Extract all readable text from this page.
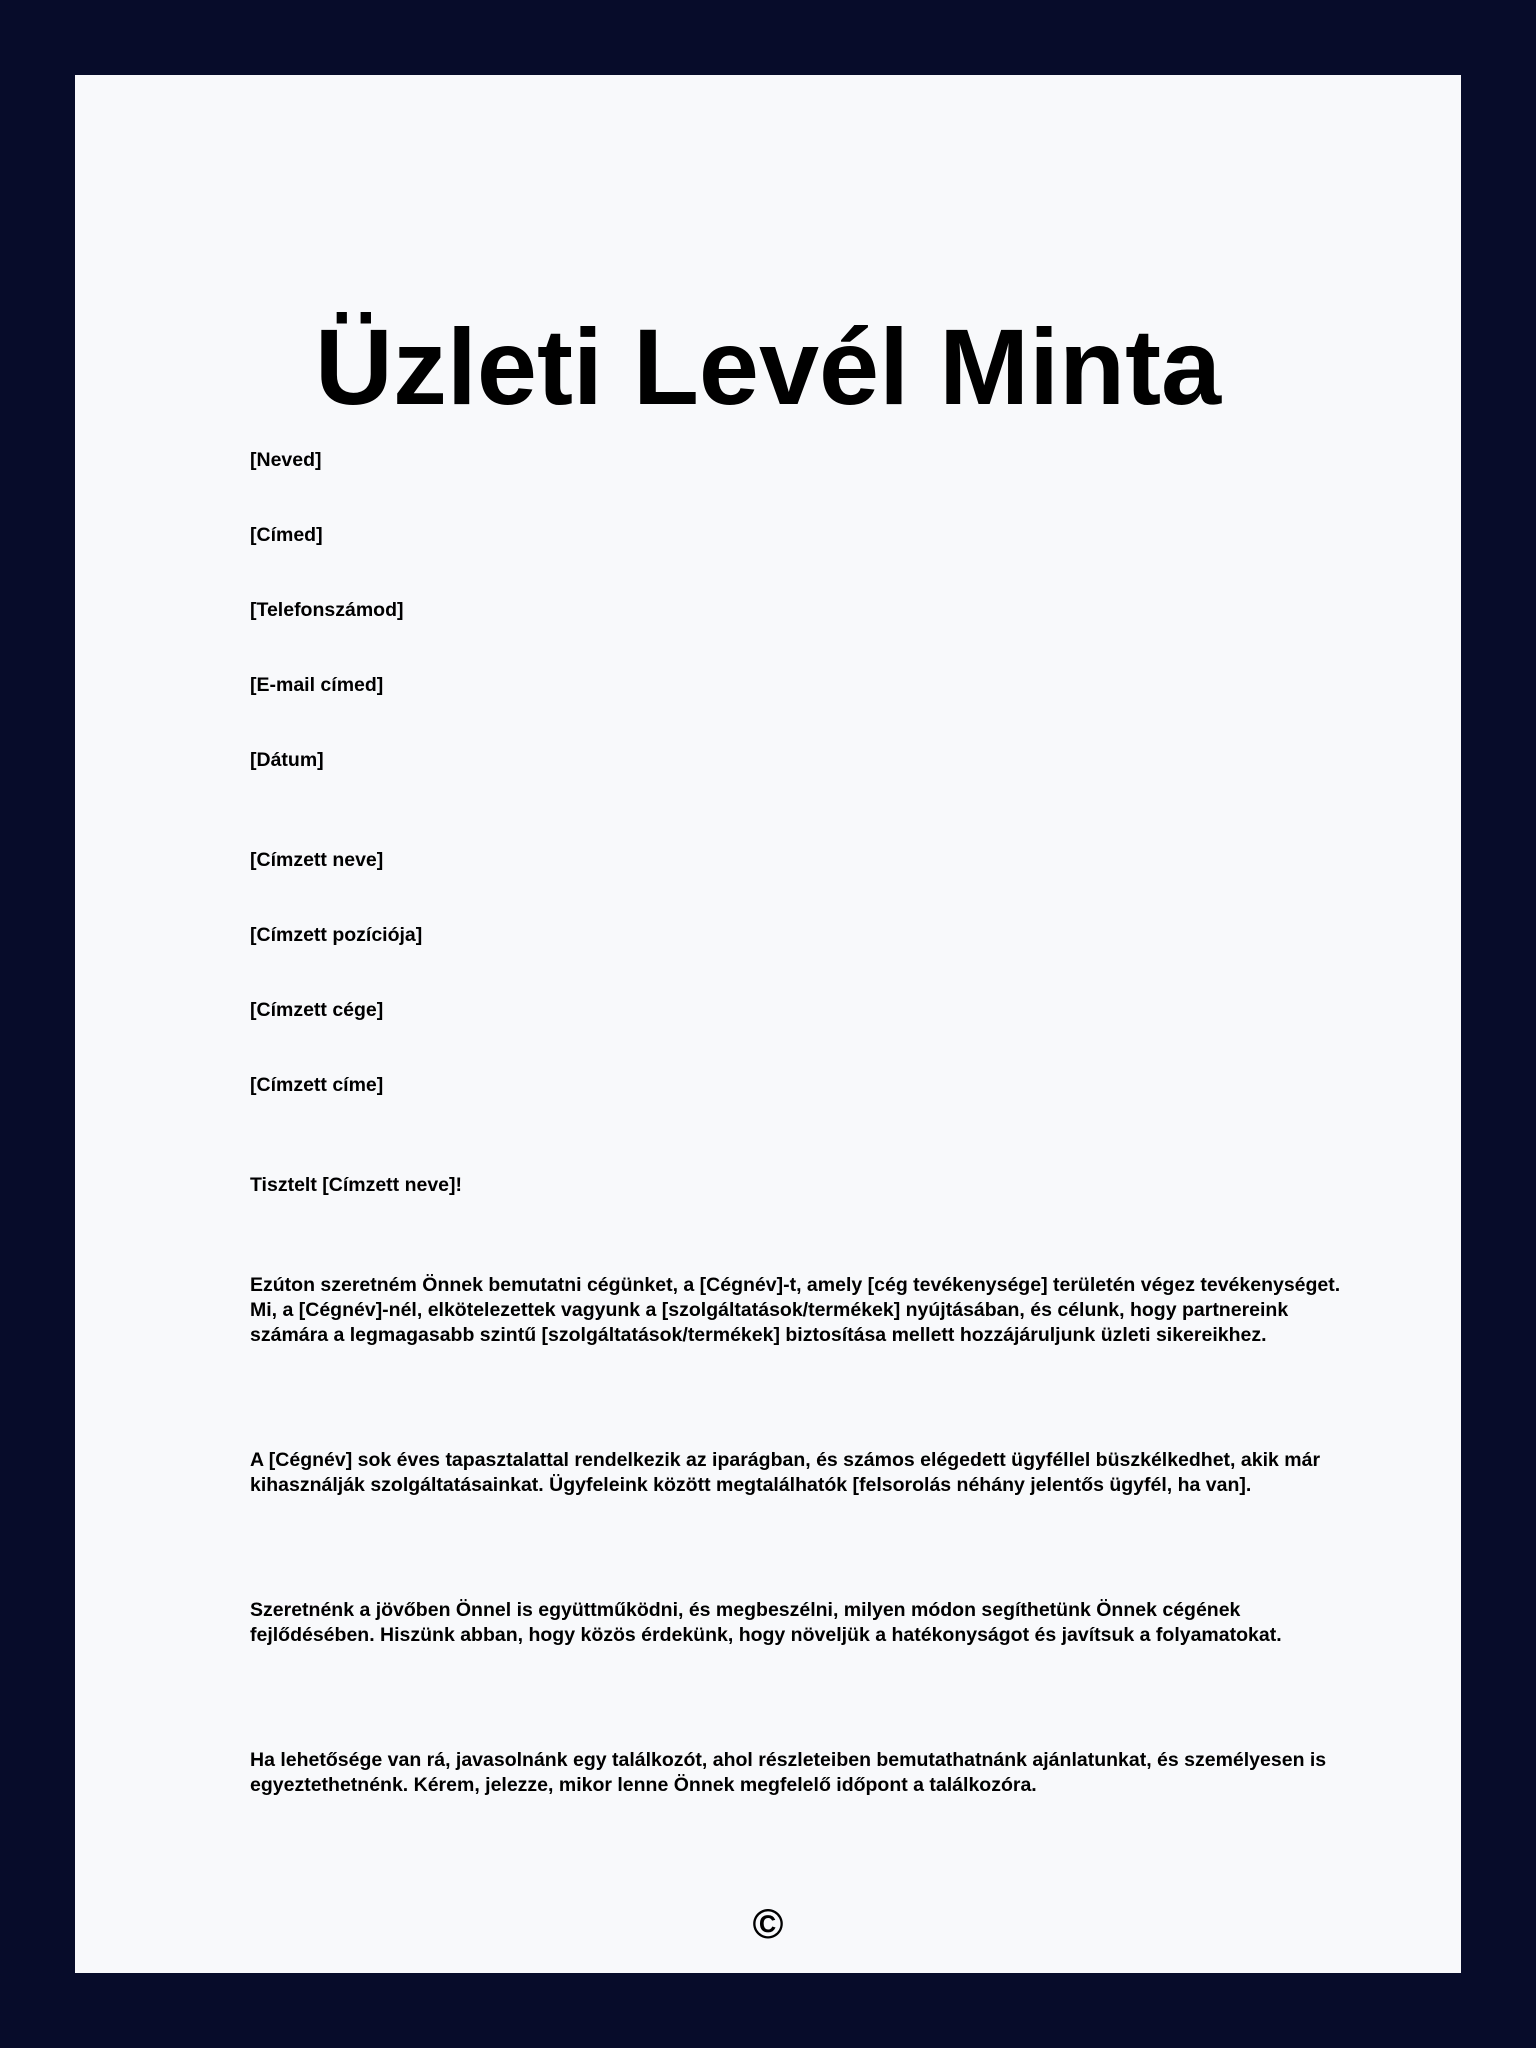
Üzleti Levél Minta
[Neved]
[Címed]
[Telefonszámod]
[E-mail címed]
[Dátum]
[Címzett neve]
[Címzett pozíciója]
[Címzett cége]
[Címzett címe]
Tisztelt [Címzett neve]!

Ezúton szeretném Önnek bemutatni cégünket, a [Cégnév]-t, amely [cég tevékenysége] területén végez tevékenységet. Mi, a [Cégnév]-nél, elkötelezettek vagyunk a [szolgáltatások/termékek] nyújtásában, és célunk, hogy partnereink számára a legmagasabb szintű [szolgáltatások/termékek] biztosítása mellett hozzájáruljunk üzleti sikereikhez.

A [Cégnév] sok éves tapasztalattal rendelkezik az iparágban, és számos elégedett ügyféllel büszkélkedhet, akik már kihasználják szolgáltatásainkat. Ügyfeleink között megtalálhatók [felsorolás néhány jelentős ügyfél, ha van].

Szeretnénk a jövőben Önnel is együttműködni, és megbeszélni, milyen módon segíthetünk Önnek cégének fejlődésében. Hiszünk abban, hogy közös érdekünk, hogy növeljük a hatékonyságot és javítsuk a folyamatokat.

Ha lehetősége van rá, javasolnánk egy találkozót, ahol részleteiben bemutathatnánk ajánlatunkat, és személyesen is egyeztethetnénk. Kérem, jelezze, mikor lenne Önnek megfelelő időpont a találkozóra.

©
